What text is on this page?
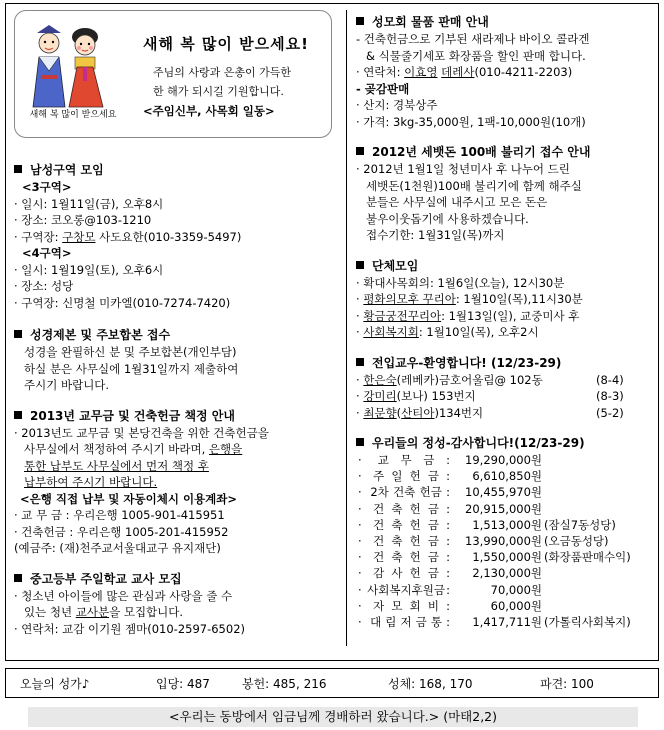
새해 복 많이 받으세요
새해 복 많이 받으세요!
주님의 사랑과 은총이 가득한
한 해가 되시길 기원합니다.
<주임신부, 사목회 일동>
남성구역 모임
<3구역>
· 일시: 1월11일(금), 오후8시
· 장소: 코오롱@103-1210
· 구역장: 구창모 사도요한(010-3359-5497)
<4구역>
· 일시: 1월19일(토), 오후6시
· 장소: 성당
· 구역장: 신명철 미카엘(010-7274-7420)
성경제본 및 주보합본 접수
성경을 완필하신 분 및 주보합본(개인부담)
하실 분은 사무실에 1월31일까지 제출하여
주시기 바랍니다.
2013년 교무금 및 건축헌금 책정 안내
· 2013년도 교무금 및 본당건축을 위한 건축헌금을
사무실에서 책정하여 주시기 바라며, 은행을
통한 납부도 사무실에서 먼저 책정 후
납부하여 주시기 바랍니다.
<은행 직접 납부 및 자동이체시 이용계좌>
· 교 무 금 : 우리은행 1005-901-415951
· 건축헌금 : 우리은행 1005-201-415952
(예금주: (재)천주교서울대교구 유지재단)
중고등부 주일학교 교사 모집
· 청소년 아이들에 많은 관심과 사랑을 줄 수
있는 청년 교사분을 모집합니다.
· 연락처: 교감 이기원 젬마(010-2597-6502)
성모회 물품 판매 안내
- 건축헌금으로 기부된 새라제나 바이오 콜라겐
& 식물줄기세포 화장품을 할인 판매 합니다.
· 연락처: 이효영 데레사(010-4211-2203)
- 곶감판매
· 산지: 경북상주
· 가격: 3kg-35,000원, 1팩-10,000원(10개)
2012년 세뱃돈 100배 불리기 접수 안내
· 2012년 1월1일 청년미사 후 나누어 드린
세뱃돈(1천원)100배 불리기에 함께 해주실
분들은 사무실에 내주시고 모은 돈은
불우이웃돕기에 사용하겠습니다.
접수기한: 1월31일(목)까지
단체모임
· 확대사목회의: 1월6일(오늘), 12시30분
· 평화의모후 꾸리아: 1월10일(목),11시30분
· 황금궁전꾸리아: 1월13일(일), 교중미사 후
· 사회복지회: 1월10일(목), 오후2시
전입교우-환영합니다! (12/23-29)
· 한은숙(레베카)금호어울림@ 102동	(8-4)
· 강미리(보나) 153번지	(8-3)
· 최문향(산티아)134번지	(5-2)
우리들의 정성-감사합니다!(12/23-29)
·	교 무 금 :	19,290,000원
· 주 일 헌 금 :	6,610,850원
· 2차 건축 헌금 :	10,455,970원
· 건 축 헌 금 :	20,915,000원
· 건 축 헌 금 :	1,513,000원 (잠실7동성당)
· 건 축 헌 금 :	13,990,000원 (오금동성당)
· 건 축 헌 금 :	1,550,000원 (화장품판매수익)
· 감 사 헌 금 :	2,130,000원
· 사회복지후원금 :	70,000원
· 자 모 회 비 :	60,000원
· 대 림 저 금 통 :	1,417,711원 (가톨릭사회복지)
오늘의 성가♪	입당: 487	봉헌: 485, 216	성체: 168, 170	파견: 100
<우리는 동방에서 임금님께 경배하러 왔습니다.> (마태2,2)
